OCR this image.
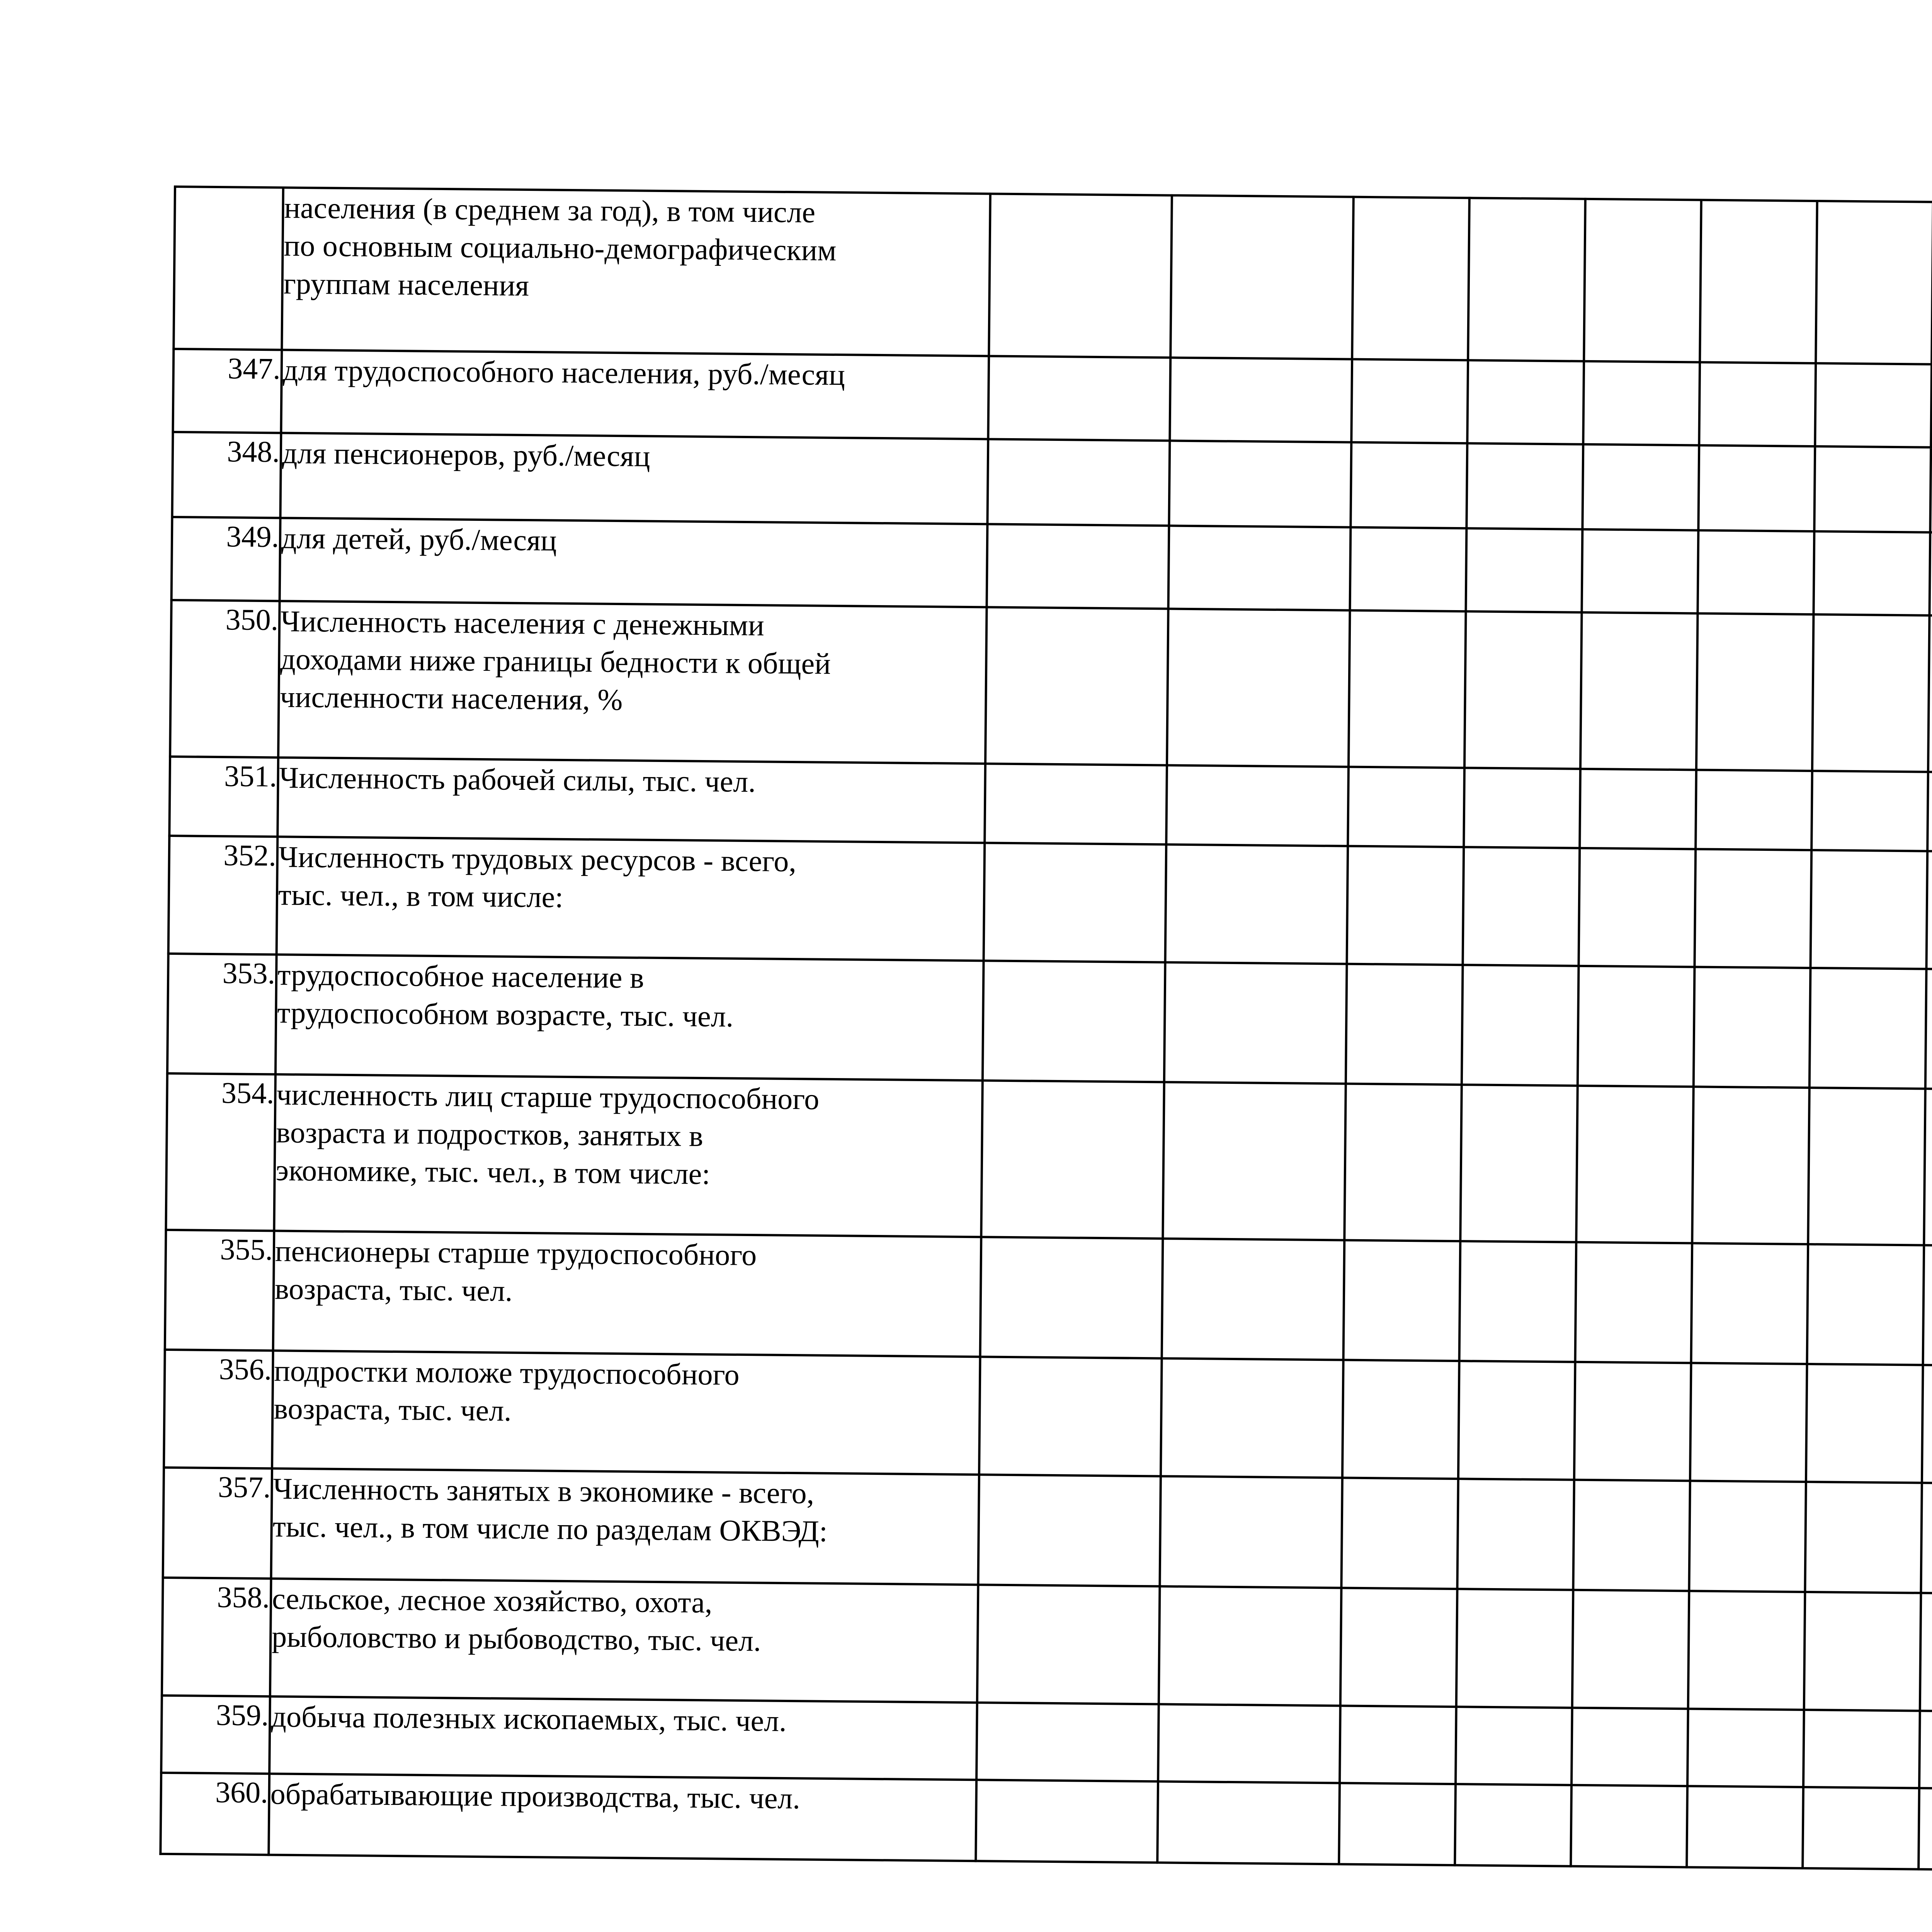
	населения (в среднем за год), в том числе
по основным социально-демографическим
группам населения														
347.	для трудоспособного населения, руб./месяц														
348.	для пенсионеров, руб./месяц														
349.	для детей, руб./месяц														
350.	Численность населения с денежными
доходами ниже границы бедности к общей
численности населения, %														
351.	Численность рабочей силы, тыс. чел.														
352.	Численность трудовых ресурсов - всего,
тыс. чел., в том числе:														
353.	трудоспособное население в
трудоспособном возрасте, тыс. чел.														
354.	численность лиц старше трудоспособного
возраста и подростков, занятых в
экономике, тыс. чел., в том числе:														
355.	пенсионеры старше трудоспособного
возраста, тыс. чел.														
356.	подростки моложе трудоспособного
возраста, тыс. чел.														
357.	Численность занятых в экономике - всего,
тыс. чел., в том числе по разделам ОКВЭД:														
358.	сельское, лесное хозяйство, охота,
рыболовство и рыбоводство, тыс. чел.														
359.	добыча полезных ископаемых, тыс. чел.														
360.	обрабатывающие производства, тыс. чел.														
